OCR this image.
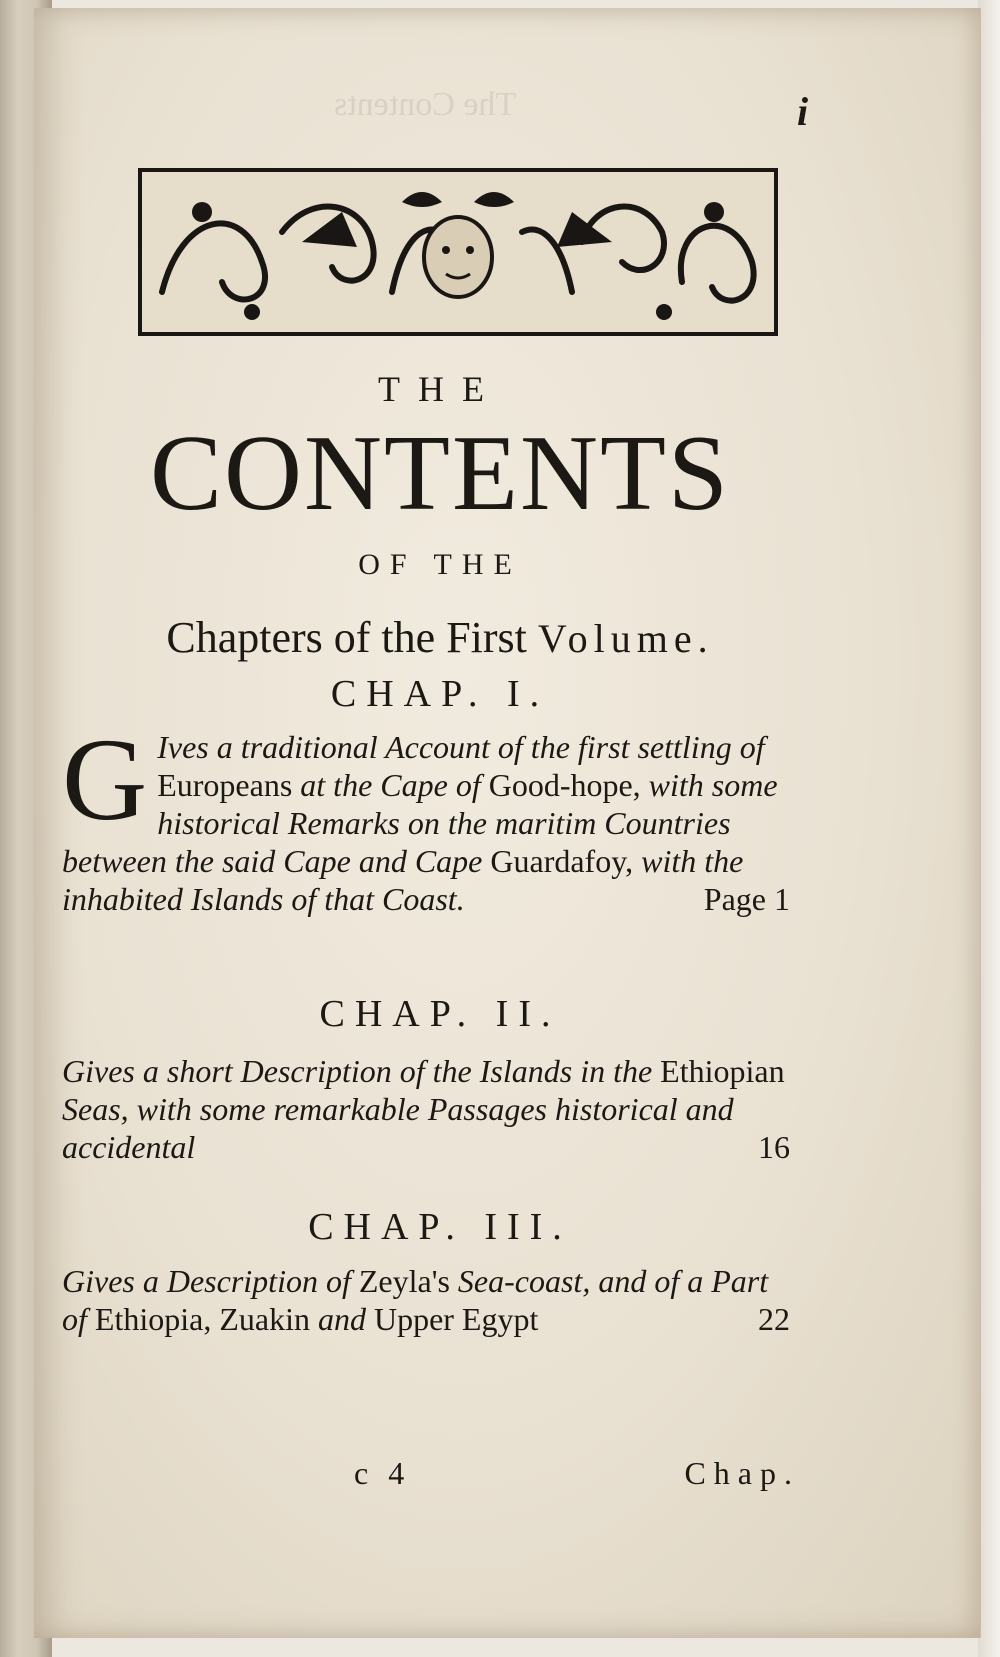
The Contents	i
THE
CONTENTS
OF THE
Chapters of the First Volume.
CHAP. I.
G Ives a traditional Account of the first settling of Europeans at the Cape of Good-hope, with some historical Remarks on the maritim Countries between the said Cape and Cape Guardafoy, with the inhabited Islands of that Coast.	Page 1
CHAP. II.
Gives a short Description of the Islands in the Ethiopian Seas, with some remarkable Passages historical and accidental	16
CHAP. III.
Gives a Description of Zeyla's Sea-coast, and of a Part of Ethiopia, Zuakin and Upper Egypt	22
c 4	Chap.
